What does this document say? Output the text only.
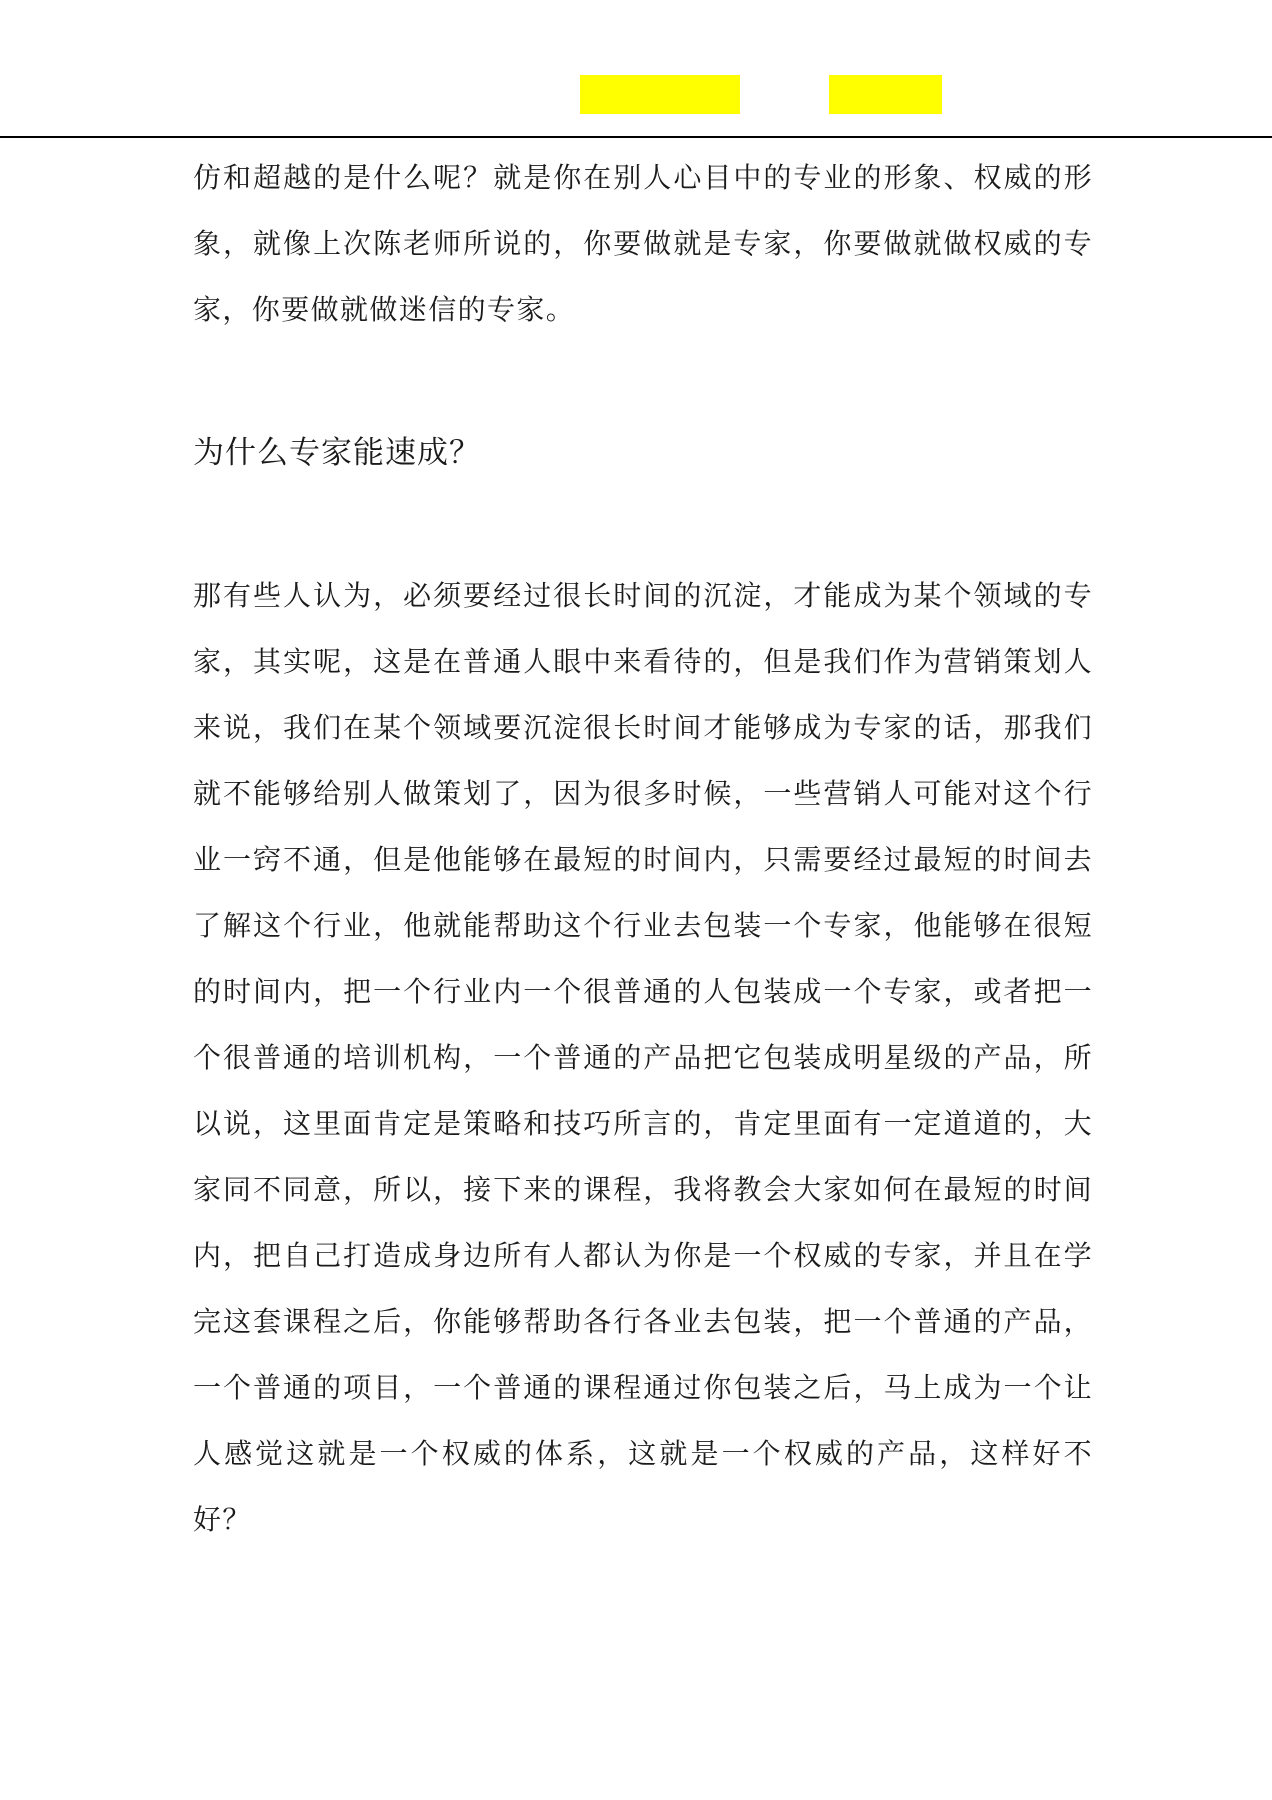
仿和超越的是什么呢？就是你在别人心目中的专业的形象、权威的形象，就像上次陈老师所说的，你要做就是专家，你要做就做权威的专家，你要做就做迷信的专家。

为什么专家能速成？

那有些人认为，必须要经过很长时间的沉淀，才能成为某个领域的专家，其实呢，这是在普通人眼中来看待的，但是我们作为营销策划人来说，我们在某个领域要沉淀很长时间才能够成为专家的话，那我们就不能够给别人做策划了，因为很多时候，一些营销人可能对这个行业一窍不通，但是他能够在最短的时间内，只需要经过最短的时间去了解这个行业，他就能帮助这个行业去包装一个专家，他能够在很短的时间内，把一个行业内一个很普通的人包装成一个专家，或者把一个很普通的培训机构，一个普通的产品把它包装成明星级的产品，所以说，这里面肯定是策略和技巧所言的，肯定里面有一定道道的，大家同不同意，所以，接下来的课程，我将教会大家如何在最短的时间内，把自己打造成身边所有人都认为你是一个权威的专家，并且在学完这套课程之后，你能够帮助各行各业去包装，把一个普通的产品，一个普通的项目，一个普通的课程通过你包装之后，马上成为一个让人感觉这就是一个权威的体系，这就是一个权威的产品，这样好不好？
